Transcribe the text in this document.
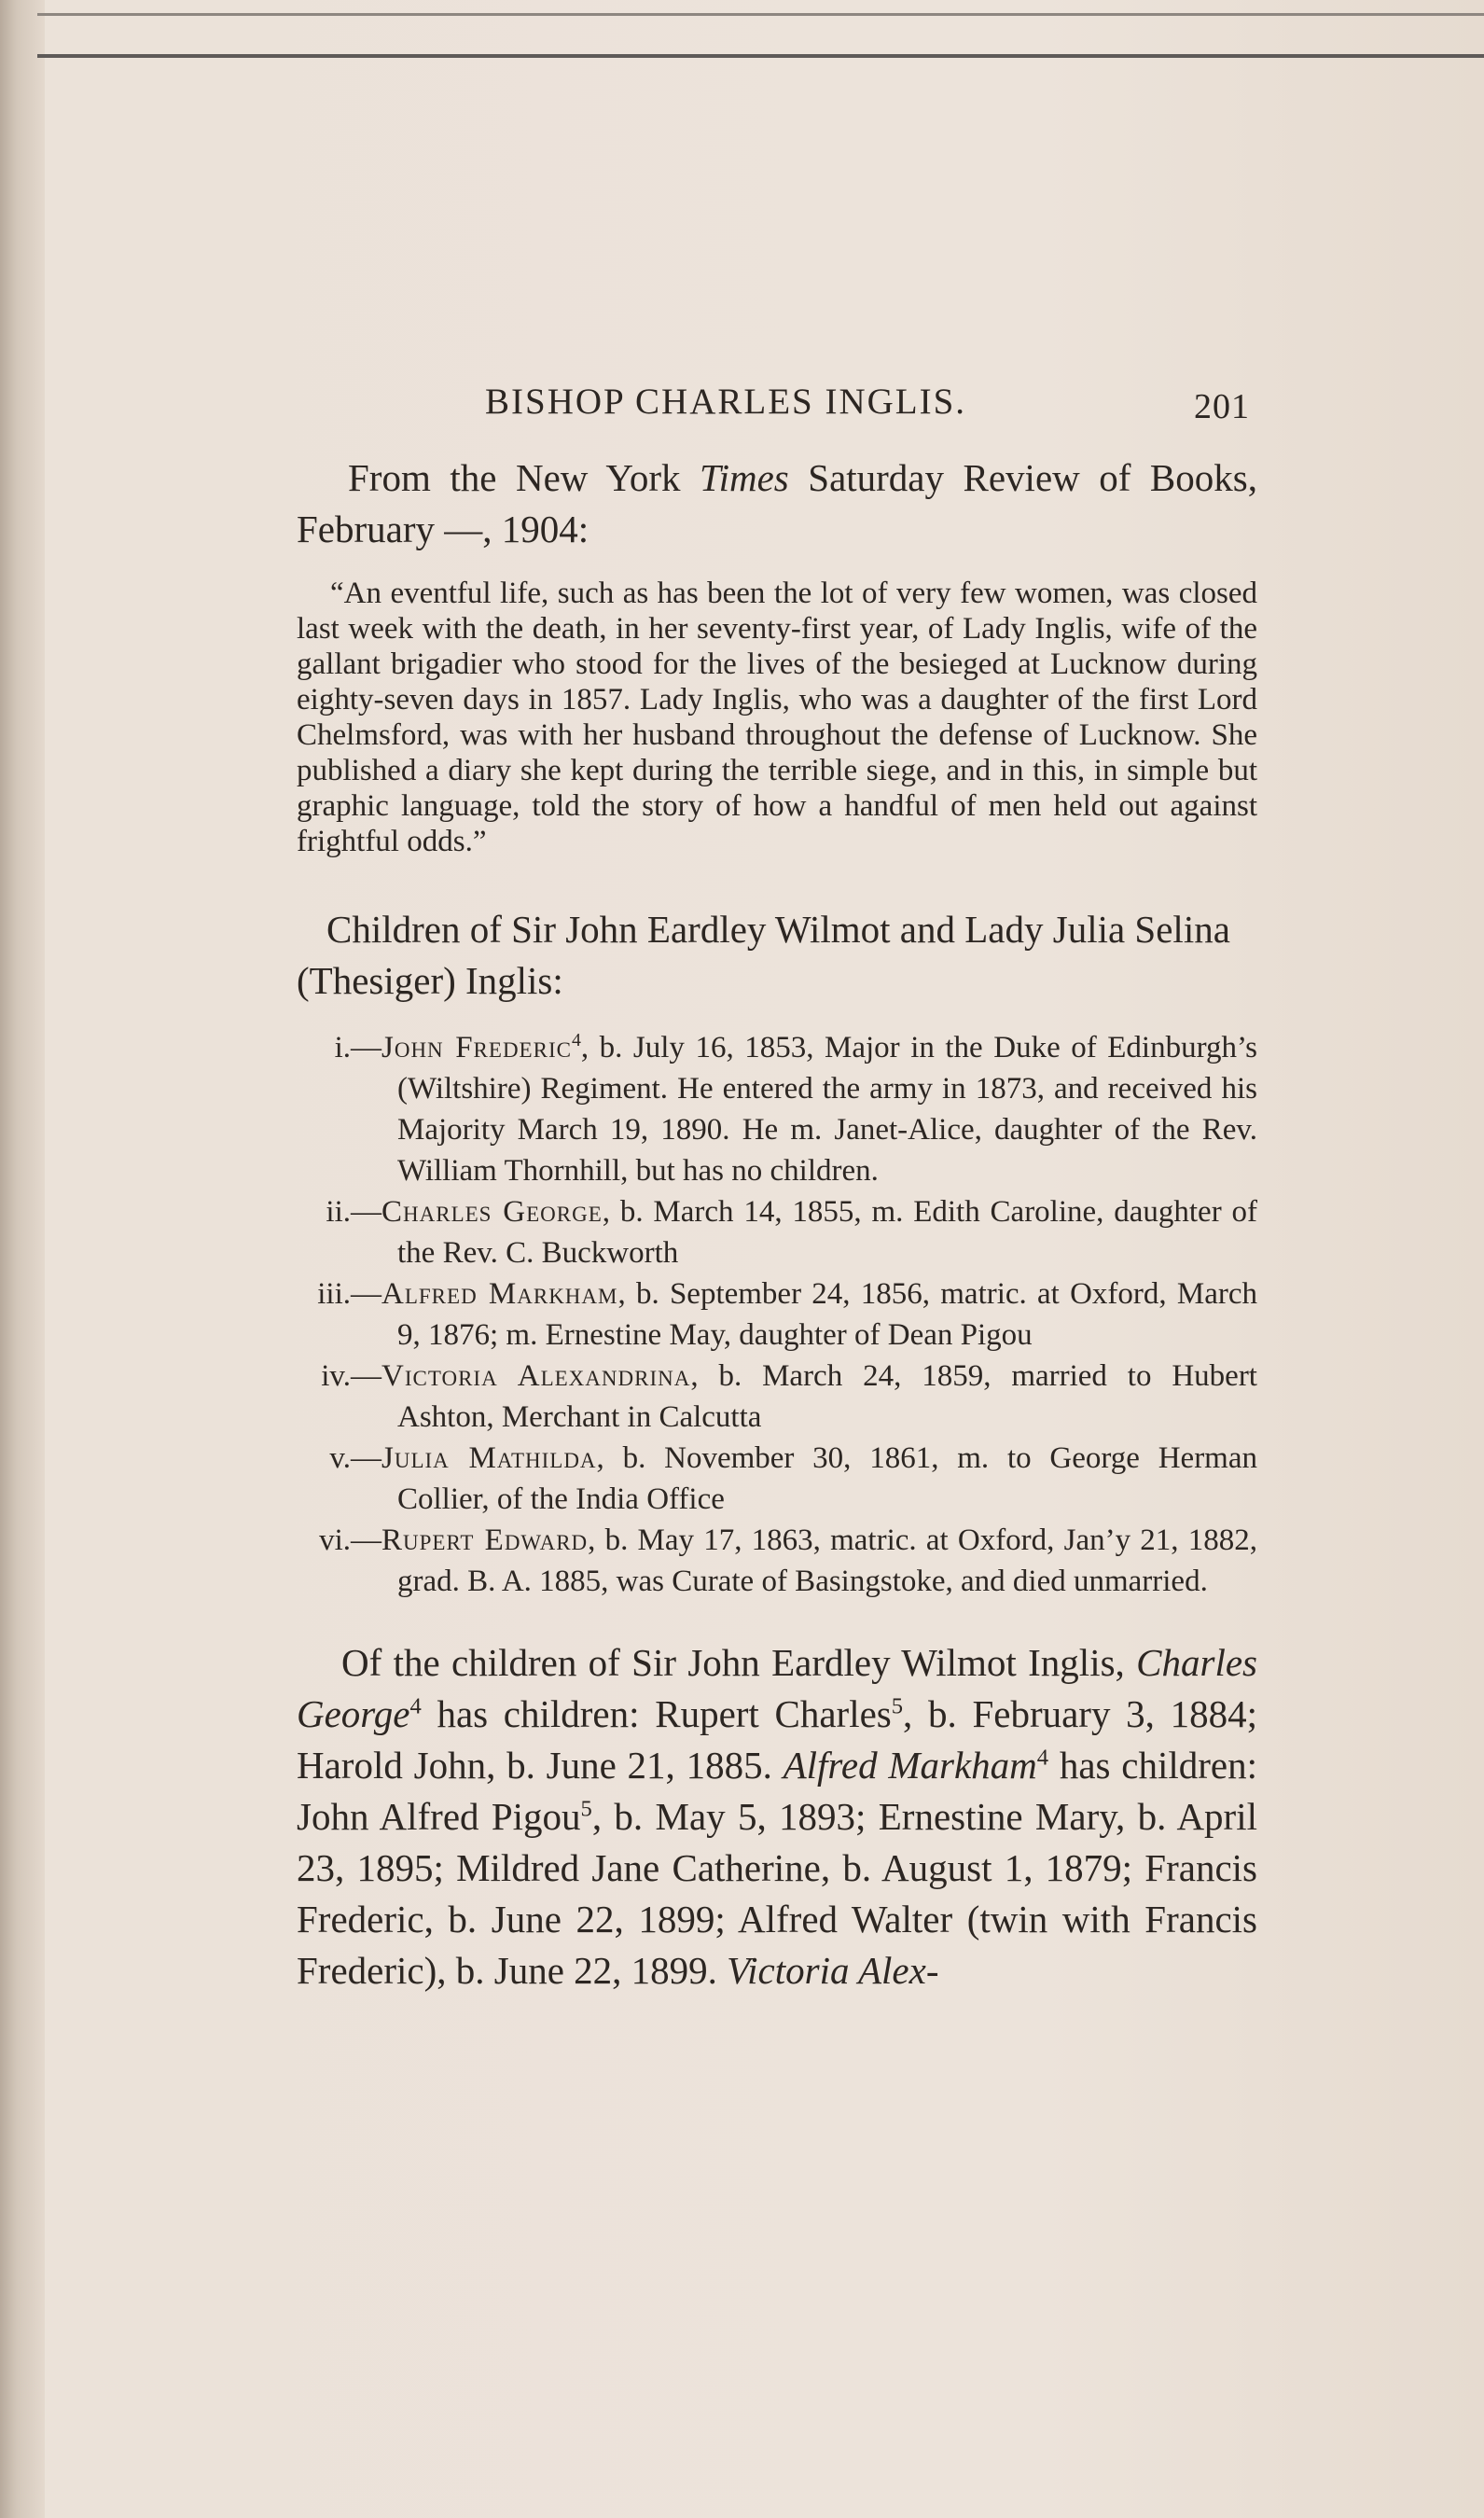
BISHOP CHARLES INGLIS.	201

From the New York Times Saturday Review of Books, February —, 1904:

“An eventful life, such as has been the lot of very few women, was closed last week with the death, in her seventy-first year, of Lady Inglis, wife of the gallant brigadier who stood for the lives of the besieged at Lucknow during eighty-seven days in 1857. Lady Inglis, who was a daughter of the first Lord Chelmsford, was with her husband throughout the defense of Lucknow. She published a diary she kept during the terrible siege, and in this, in simple but graphic language, told the story of how a handful of men held out against frightful odds.”

Children of Sir John Eardley Wilmot and Lady Julia Selina (Thesiger) Inglis:

i.—John Frederic$^4$, b. July 16, 1853, Major in the Duke of Edinburgh’s (Wiltshire) Regiment. He entered the army in 1873, and received his Majority March 19, 1890. He m. Janet-Alice, daughter of the Rev. William Thornhill, but has no children.

ii.—Charles George, b. March 14, 1855, m. Edith Caroline, daughter of the Rev. C. Buckworth

iii.—Alfred Markham, b. September 24, 1856, matric. at Oxford, March 9, 1876; m. Ernestine May, daughter of Dean Pigou

iv.—Victoria Alexandrina, b. March 24, 1859, married to Hubert Ashton, Merchant in Calcutta

v.—Julia Mathilda, b. November 30, 1861, m. to George Herman Collier, of the India Office

vi.—Rupert Edward, b. May 17, 1863, matric. at Oxford, Jan’y 21, 1882, grad. B. A. 1885, was Curate of Basingstoke, and died unmarried.

Of the children of Sir John Eardley Wilmot Inglis, Charles George$^4$ has children: Rupert Charles$^5$, b. February 3, 1884; Harold John, b. June 21, 1885. Alfred Markham$^4$ has children: John Alfred Pigou$^5$, b. May 5, 1893; Ernestine Mary, b. April 23, 1895; Mildred Jane Catherine, b. August 1, 1879; Francis Frederic, b. June 22, 1899; Alfred Walter (twin with Francis Frederic), b. June 22, 1899. Victoria Alex-
